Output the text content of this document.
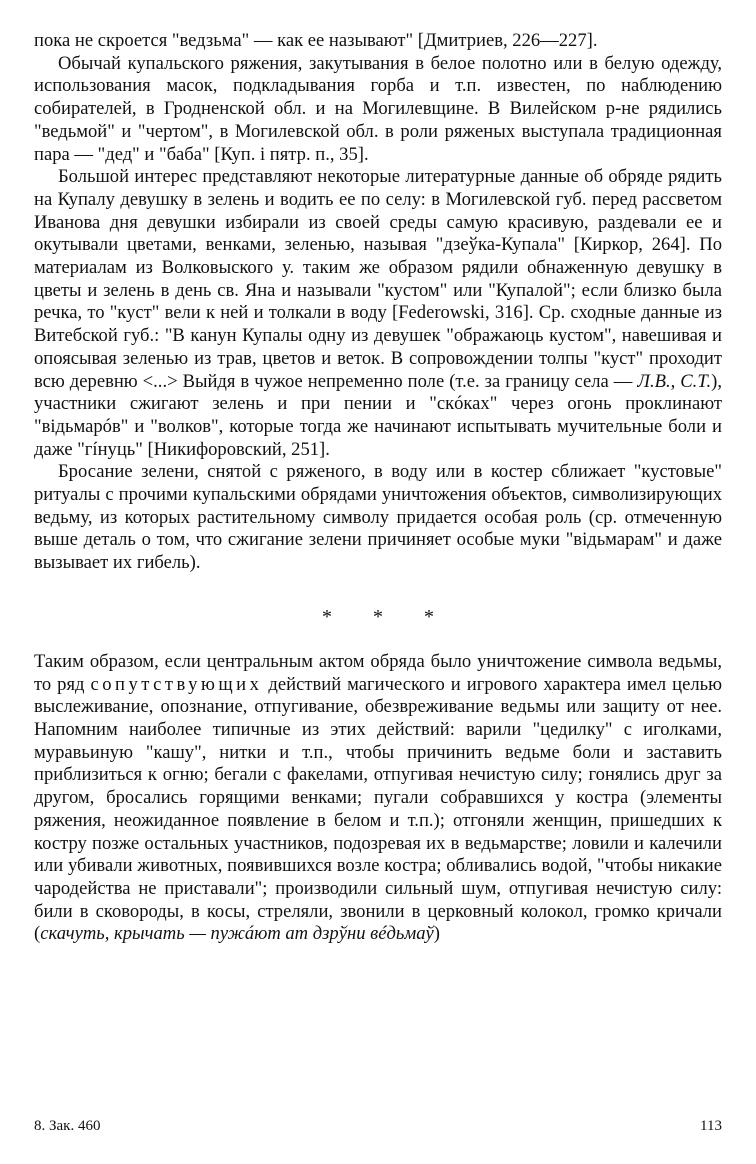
пока не скроется "ведзьма" — как ее называют" [Дмитриев, 226—227].

Обычай купальского ряжения, закутывания в белое полотно или в белую одежду, использования масок, подкладывания горба и т.п. известен, по наблюдению собирателей, в Гродненской обл. и на Могилевщине. В Вилейском р-не рядились "ведьмой" и "чертом", в Могилевской обл. в роли ряженых выступала традиционная пара — "дед" и "баба" [Куп. i пятр. п., 35].

Большой интерес представляют некоторые литературные данные об обряде рядить на Купалу девушку в зелень и водить ее по селу: в Могилевской губ. перед рассветом Иванова дня девушки избирали из своей среды самую красивую, раздевали ее и окутывали цветами, венками, зеленью, называя "дзеўка-Купала" [Киркор, 264]. По материалам из Волковыского у. таким же образом рядили обнаженную девушку в цветы и зелень в день св. Яна и называли "кустом" или "Купалой"; если близко была речка, то "куст" вели к ней и толкали в воду [Federowski, 316]. Ср. сходные данные из Витебской губ.: "В канун Купалы одну из девушек "ображаюць кустом", навешивая и опоясывая зеленью из трав, цветов и веток. В сопровождении толпы "куст" проходит всю деревню <...> Выйдя в чужое непременно поле (т.е. за границу села — Л.В., С.Т.), участники сжигают зелень и при пении и "скóках" через огонь проклинают "відьмарóв" и "волков", которые тогда же начинают испытывать мучительные боли и даже "гíнуць" [Никифоровский, 251].

Бросание зелени, снятой с ряженого, в воду или в костер сближает "кустовые" ритуалы с прочими купальскими обрядами уничтожения объектов, символизирующих ведьму, из которых растительному символу придается особая роль (ср. отмеченную выше деталь о том, что сжигание зелени причиняет особые муки "відьмарам" и даже вызывает их гибель).

* * *

Таким образом, если центральным актом обряда было уничтожение символа ведьмы, то ряд сопутствующих действий магического и игрового характера имел целью выслеживание, опознание, отпугивание, обезвреживание ведьмы или защиту от нее. Напомним наиболее типичные из этих действий: варили "цедилку" с иголками, муравьиную "кашу", нитки и т.п., чтобы причинить ведьме боли и заставить приблизиться к огню; бегали с факелами, отпугивая нечистую силу; гонялись друг за другом, бросались горящими венками; пугали собравшихся у костра (элементы ряжения, неожиданное появление в белом и т.п.); отгоняли женщин, пришедших к костру позже остальных участников, подозревая их в ведьмарстве; ловили и калечили или убивали животных, появившихся возле костра; обливались водой, "чтобы никакие чародейства не приставали"; производили сильный шум, отпугивая нечистую силу: били в сковороды, в косы, стреляли, звонили в церковный колокол, громко кричали (скачуть, крычать — пужáют ат дзрўни вéдьмаў)

8. Зак. 460	113
